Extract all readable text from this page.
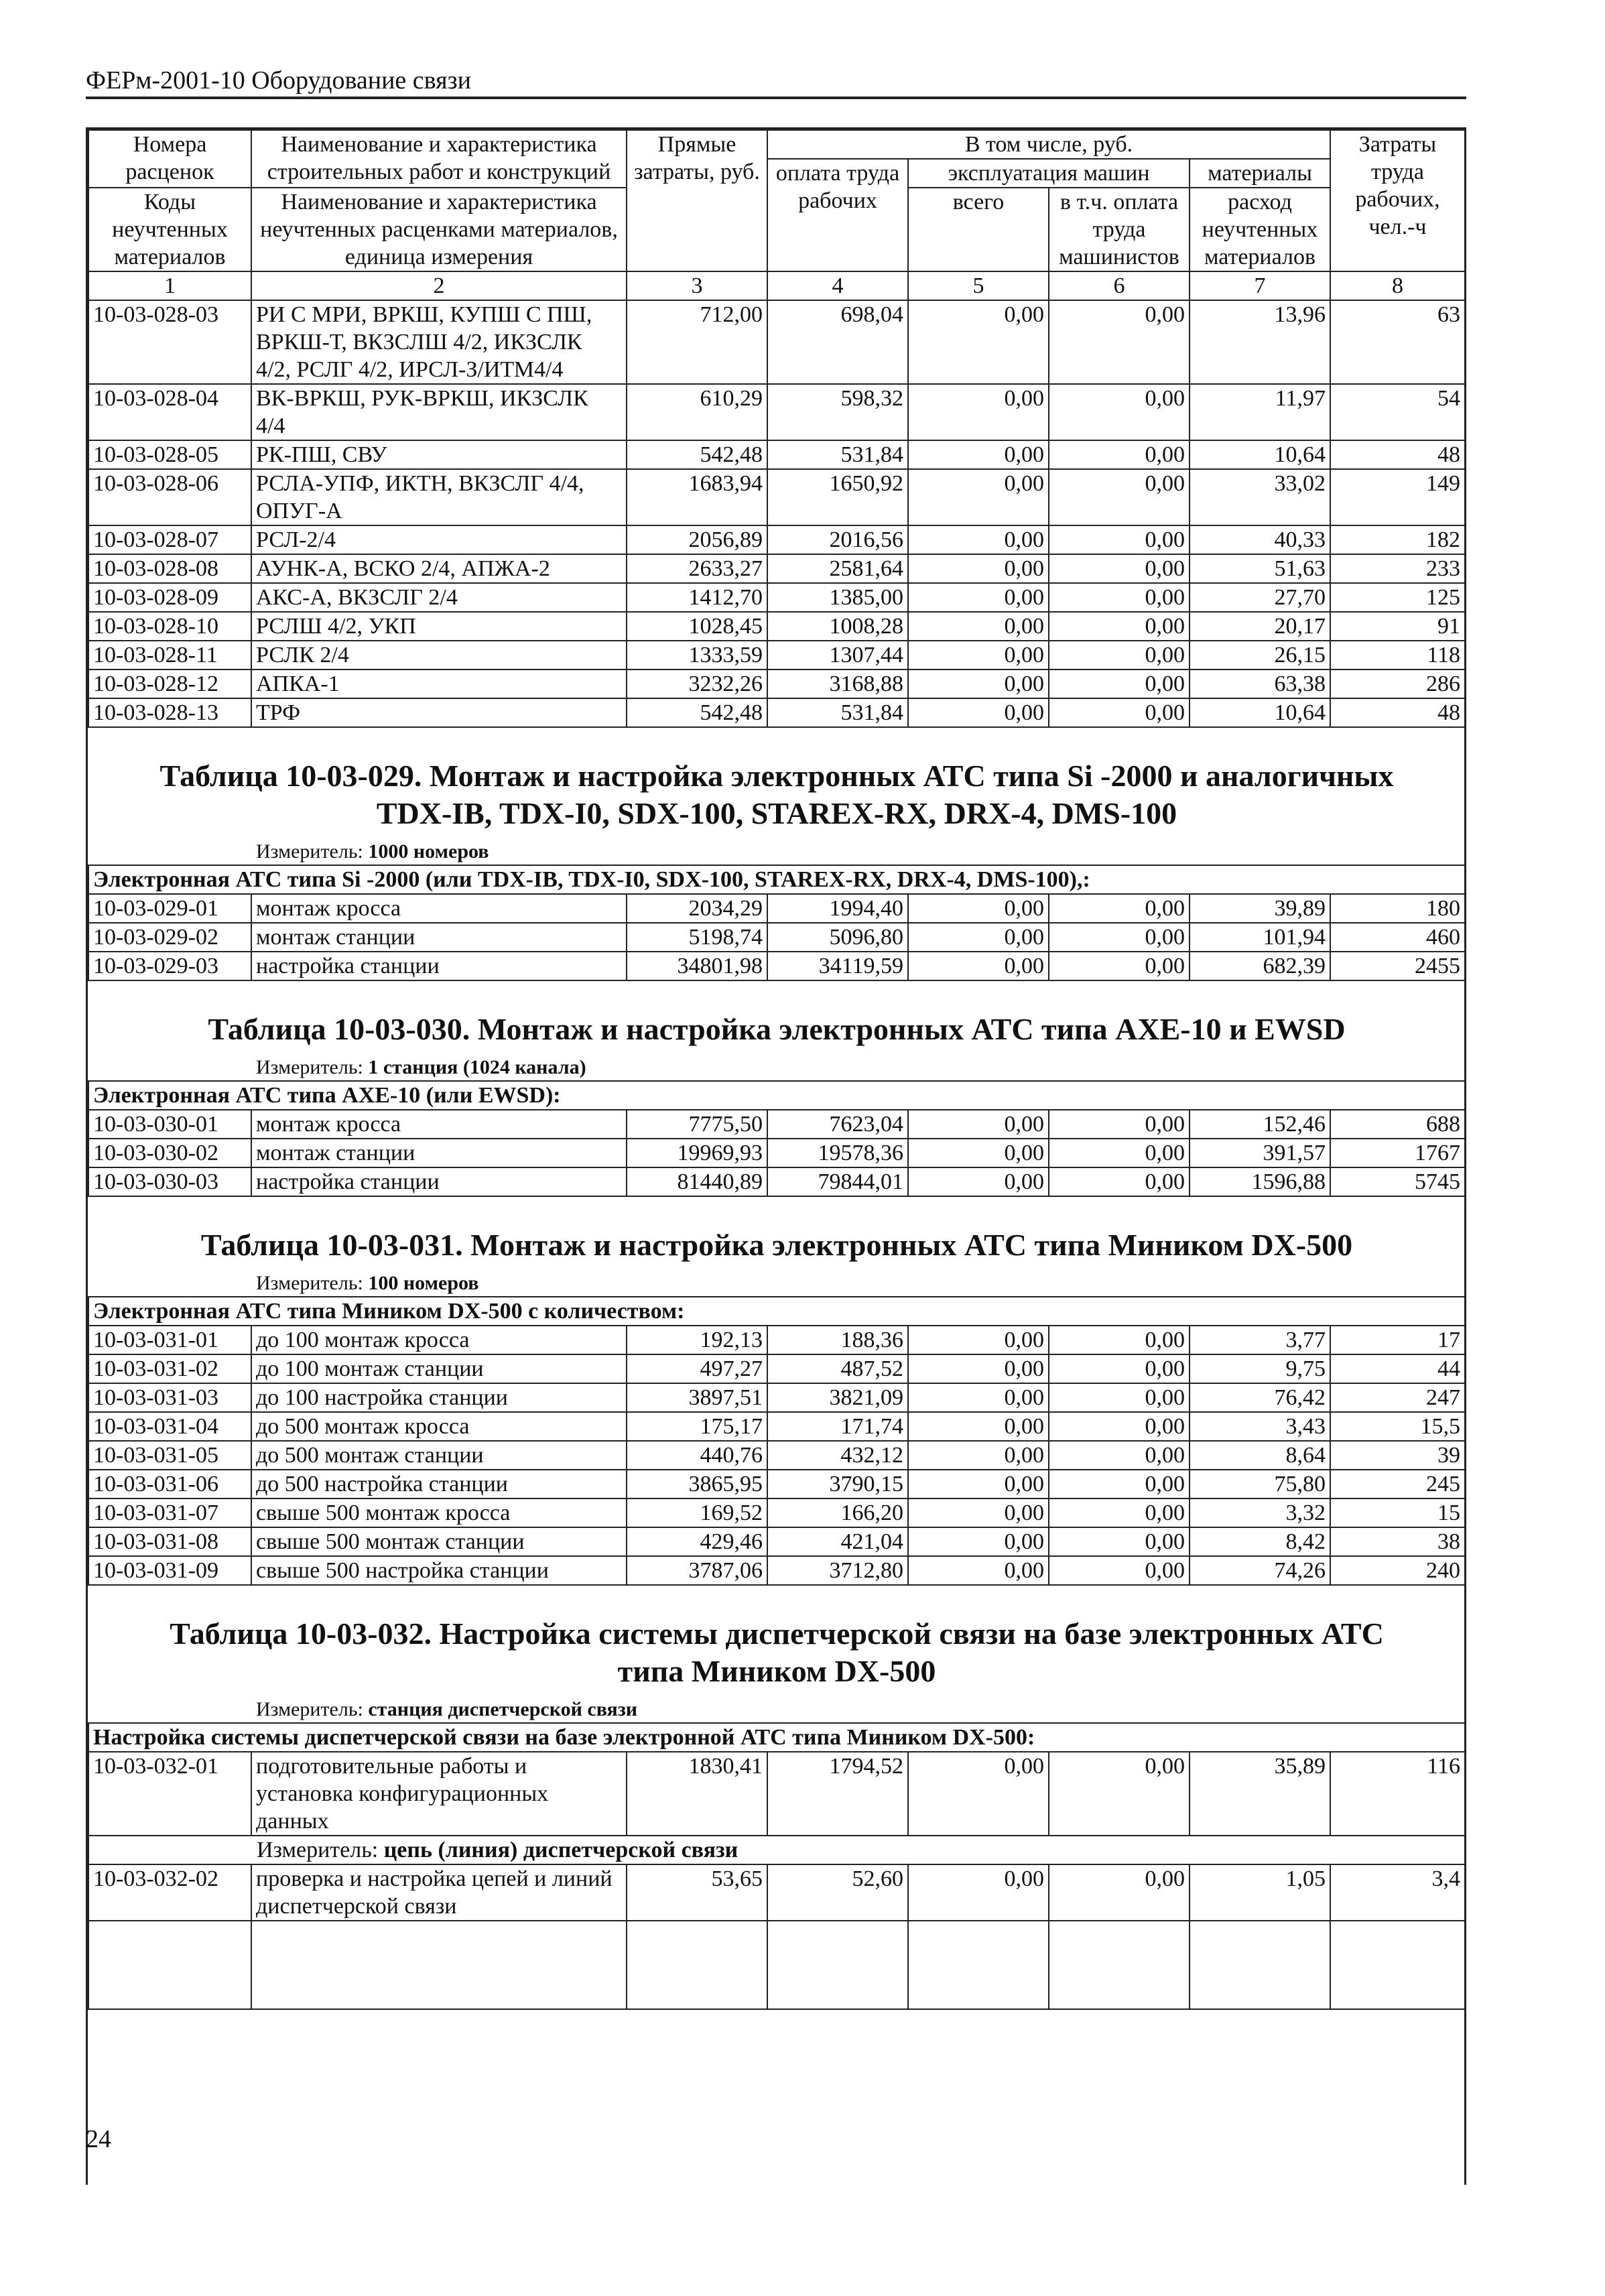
ФЕРм-2001-10 Оборудование связи
Номера расценок	Наименование и характеристика строительных работ и конструкций	Прямые затраты, руб.	В том числе, руб.				Затраты труда рабочих, чел.-ч
			оплата труда рабочих	эксплуатация машин		материалы	
Коды неучтенных материалов	Наименование и характеристика неучтенных расценками материалов, единица измерения			всего	в т.ч. оплата труда машинистов	расход неучтенных материалов	

1	2	3	4	5	6	7	8
10-03-028-03	РИ С МРИ, ВРКШ, КУПШ С ПШ, ВРКШ-Т, ВКЗСЛШ 4/2, ИКЗСЛК 4/2, РСЛГ 4/2, ИРСЛ-З/ИТМ4/4	712,00	698,04	0,00	0,00	13,96	63
10-03-028-04	ВК-ВРКШ, РУК-ВРКШ, ИКЗСЛК 4/4	610,29	598,32	0,00	0,00	11,97	54
10-03-028-05	РК-ПШ, СВУ	542,48	531,84	0,00	0,00	10,64	48
10-03-028-06	РСЛА-УПФ, ИКТН, ВКЗСЛГ 4/4, ОПУГ-А	1683,94	1650,92	0,00	0,00	33,02	149
10-03-028-07	РСЛ-2/4	2056,89	2016,56	0,00	0,00	40,33	182
10-03-028-08	АУНК-А, ВСКО 2/4, АПЖА-2	2633,27	2581,64	0,00	0,00	51,63	233
10-03-028-09	АКС-А, ВКЗСЛГ 2/4	1412,70	1385,00	0,00	0,00	27,70	125
10-03-028-10	РСЛШ 4/2, УКП	1028,45	1008,28	0,00	0,00	20,17	91
10-03-028-11	РСЛК 2/4	1333,59	1307,44	0,00	0,00	26,15	118
10-03-028-12	АПКА-1	3232,26	3168,88	0,00	0,00	63,38	286
10-03-028-13	ТРФ	542,48	531,84	0,00	0,00	10,64	48

Таблица 10-03-029. Монтаж и настройка электронных АТС типа Si -2000 и аналогичных
TDX-IB, TDX-I0, SDX-100, STAREX-RX, DRX-4, DMS-100
Измеритель: 1000 номеров							

Электронная АТС типа Si -2000 (или TDX-IB, TDX-I0, SDX-100, STAREX-RX, DRX-4, DMS-100),:							
10-03-029-01	монтаж кросса	2034,29	1994,40	0,00	0,00	39,89	180
10-03-029-02	монтаж станции	5198,74	5096,80	0,00	0,00	101,94	460
10-03-029-03	настройка станции	34801,98	34119,59	0,00	0,00	682,39	2455

Таблица 10-03-030. Монтаж и настройка электронных АТС типа АХЕ-10 и EWSD
Измеритель: 1 станция (1024 канала)							

Электронная АТС типа АХЕ-10 (или EWSD):							
10-03-030-01	монтаж кросса	7775,50	7623,04	0,00	0,00	152,46	688
10-03-030-02	монтаж станции	19969,93	19578,36	0,00	0,00	391,57	1767
10-03-030-03	настройка станции	81440,89	79844,01	0,00	0,00	1596,88	5745

Таблица 10-03-031. Монтаж и настройка электронных АТС типа Миником DX-500
Измеритель: 100 номеров							

Электронная АТС типа Миником DX-500 с количеством:							
10-03-031-01	до 100 монтаж кросса	192,13	188,36	0,00	0,00	3,77	17
10-03-031-02	до 100 монтаж станции	497,27	487,52	0,00	0,00	9,75	44
10-03-031-03	до 100 настройка станции	3897,51	3821,09	0,00	0,00	76,42	247
10-03-031-04	до 500 монтаж кросса	175,17	171,74	0,00	0,00	3,43	15,5
10-03-031-05	до 500 монтаж станции	440,76	432,12	0,00	0,00	8,64	39
10-03-031-06	до 500 настройка станции	3865,95	3790,15	0,00	0,00	75,80	245
10-03-031-07	свыше 500 монтаж кросса	169,52	166,20	0,00	0,00	3,32	15
10-03-031-08	свыше 500 монтаж станции	429,46	421,04	0,00	0,00	8,42	38
10-03-031-09	свыше 500 настройка станции	3787,06	3712,80	0,00	0,00	74,26	240

Таблица 10-03-032. Настройка системы диспетчерской связи на базе электронных АТС
типа Миником DX-500
Измеритель: станция диспетчерской связи							

Настройка системы диспетчерской связи на базе электронной АТС типа Миником DX-500:							
10-03-032-01	подготовительные работы и установка конфигурационных данных	1830,41	1794,52	0,00	0,00	35,89	116
Измеритель: цепь (линия) диспетчерской связи							
10-03-032-02	проверка и настройка цепей и линий диспетчерской связи	53,65	52,60	0,00	0,00	1,05	3,4

24
